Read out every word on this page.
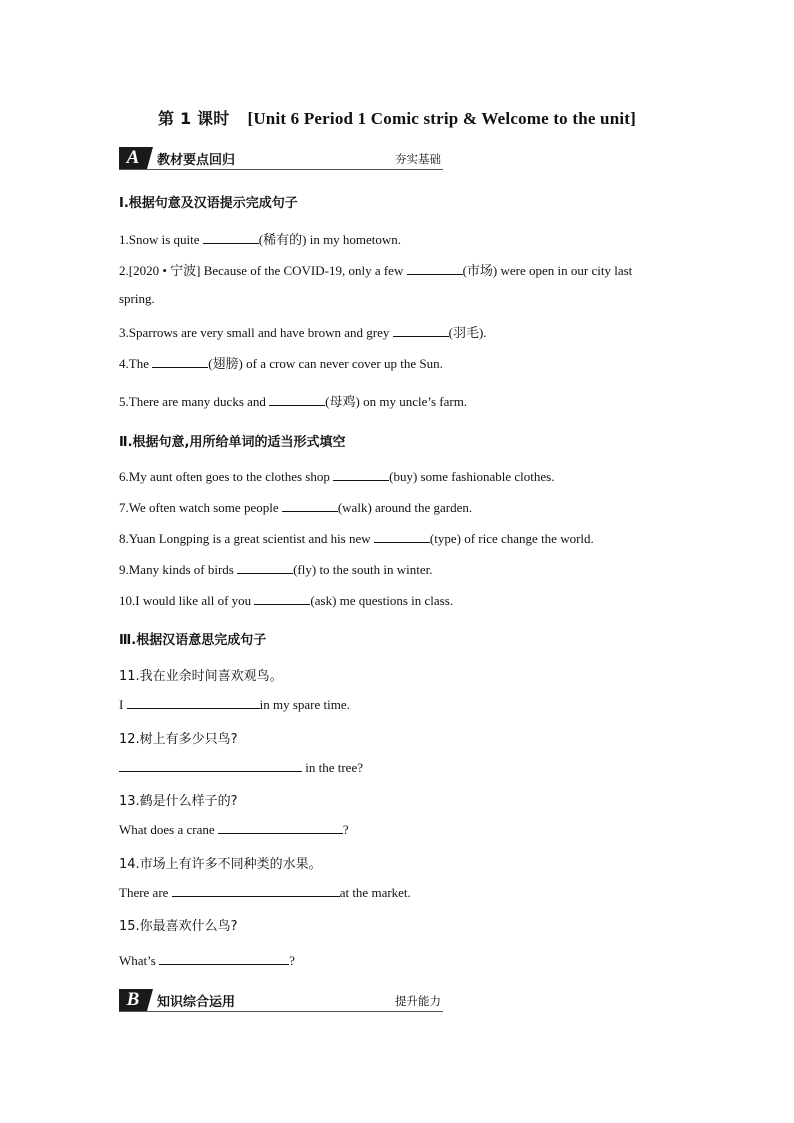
第 1 课时 [Unit 6 Period 1 Comic strip & Welcome to the unit]
A	教材要点回归	夯实基础
Ⅰ.根据句意及汉语提示完成句子
1.Snow is quite	(稀有的) in my hometown.
2.[2020 • 宁波] Because of the COVID-19, only a few	(市场) were open in our city last
spring.
3.Sparrows are very small and have brown and grey	(羽毛).
4.The	(翅膀) of a crow can never cover up the Sun.
5.There are many ducks and	(母鸡) on my uncle’s farm.
Ⅱ.根据句意,用所给单词的适当形式填空
6.My aunt often goes to the clothes shop	(buy) some fashionable clothes.
7.We often watch some people	(walk) around the garden.
8.Yuan Longping is a great scientist and his new	(type) of rice change the world.
9.Many kinds of birds	(fly) to the south in winter.
10.I would like all of you	(ask) me questions in class.
Ⅲ.根据汉语意思完成句子
11.我在业余时间喜欢观鸟。
I	in my spare time.
12.树上有多少只鸟?
in the tree?
13.鹤是什么样子的?
What does a crane	?
14.市场上有许多不同种类的水果。
There are	at the market.
15.你最喜欢什么鸟?
What’s	?
B	知识综合运用	提升能力
